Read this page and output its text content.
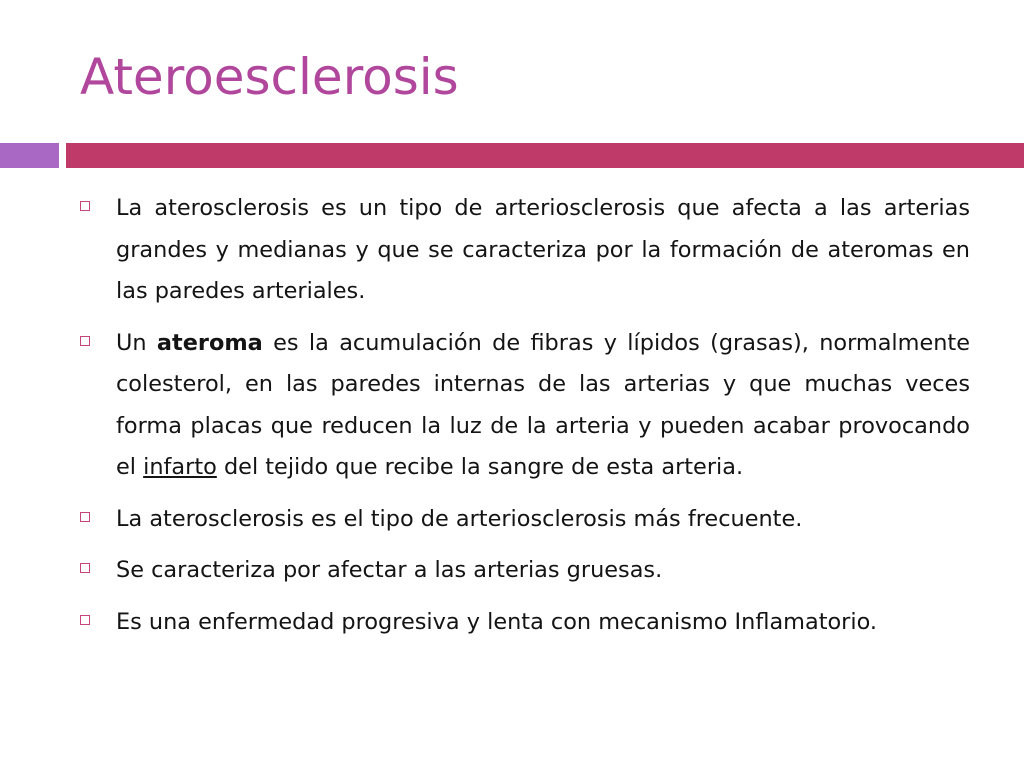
Ateroesclerosis
La aterosclerosis es un tipo de arteriosclerosis que afecta a las arterias grandes y medianas y que se caracteriza por la formación de ateromas en las paredes arteriales.
Un ateroma es la acumulación de fibras y lípidos (grasas), normalmente colesterol, en las paredes internas de las arterias y que muchas veces forma placas que reducen la luz de la arteria y pueden acabar provocando el infarto del tejido que recibe la sangre de esta arteria.
La aterosclerosis es el tipo de arteriosclerosis más frecuente.
Se caracteriza por afectar a las arterias gruesas.
Es una enfermedad progresiva y lenta con mecanismo Inflamatorio.
